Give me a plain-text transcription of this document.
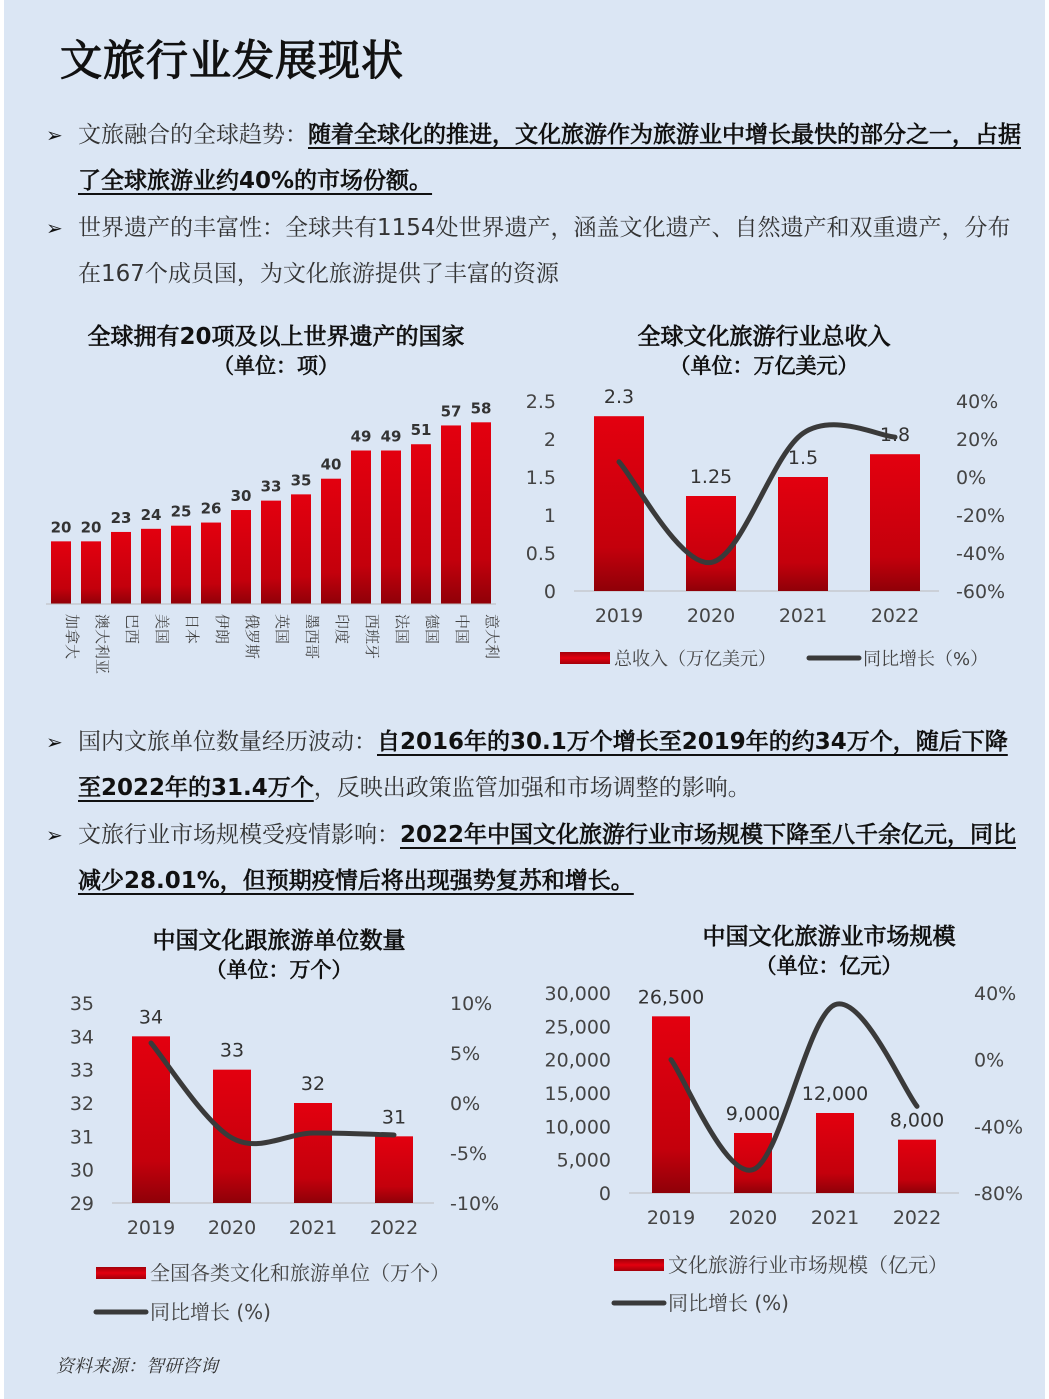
文旅行业发展现状
➢ 文旅融合的全球趋势：随着全球化的推进，文化旅游作为旅游业中增长最快的部分之一，占据了全球旅游业约40%的市场份额。
➢ 世界遗产的丰富性：全球共有1154处世界遗产，涵盖文化遗产、自然遗产和双重遗产，分布在167个成员国，为文化旅游提供了丰富的资源
➢ 国内文旅单位数量经历波动：自2016年的30.1万个增长至2019年的约34万个，随后下降至2022年的31.4万个，反映出政策监管加强和市场调整的影响。
➢ 文旅行业市场规模受疫情影响：2022年中国文化旅游行业市场规模下降至八千余亿元，同比减少28.01%，但预期疫情后将出现强势复苏和增长。
全球拥有20项及以上世界遗产的国家
（单位：项）
20
加拿大
20
澳大利亚
23
巴西
24
美国
25
日本
26
伊朗
30
俄罗斯
33
英国
35
墨西哥
40
印度
49
西班牙
49
法国
51
德国
57
中国
58
意大利
全球文化旅游行业总收入
（单位：万亿美元）
2.5
2
1.5
1
0.5
0
40%
20%
0%
-20%
-40%
-60%
2.3
2019
1.25
2020
1.5
2021
1.8
2022
总收入（万亿美元）	同比增长（%）
中国文化跟旅游单位数量
（单位：万个）
35
34
33
32
31
30
29
10%
5%
0%
-5%
-10%
34
2019
33
2020
32
2021
31
2022
全国各类文化和旅游单位（万个）
同比增长 (%)
中国文化旅游业市场规模
（单位：亿元）
30,000
25,000
20,000
15,000
10,000
5,000
0
40%
0%
-40%
-80%
26,500
2019
9,000
2020
12,000
2021
8,000
2022
文化旅游行业市场规模（亿元）
同比增长 (%)
资料来源：智研咨询
